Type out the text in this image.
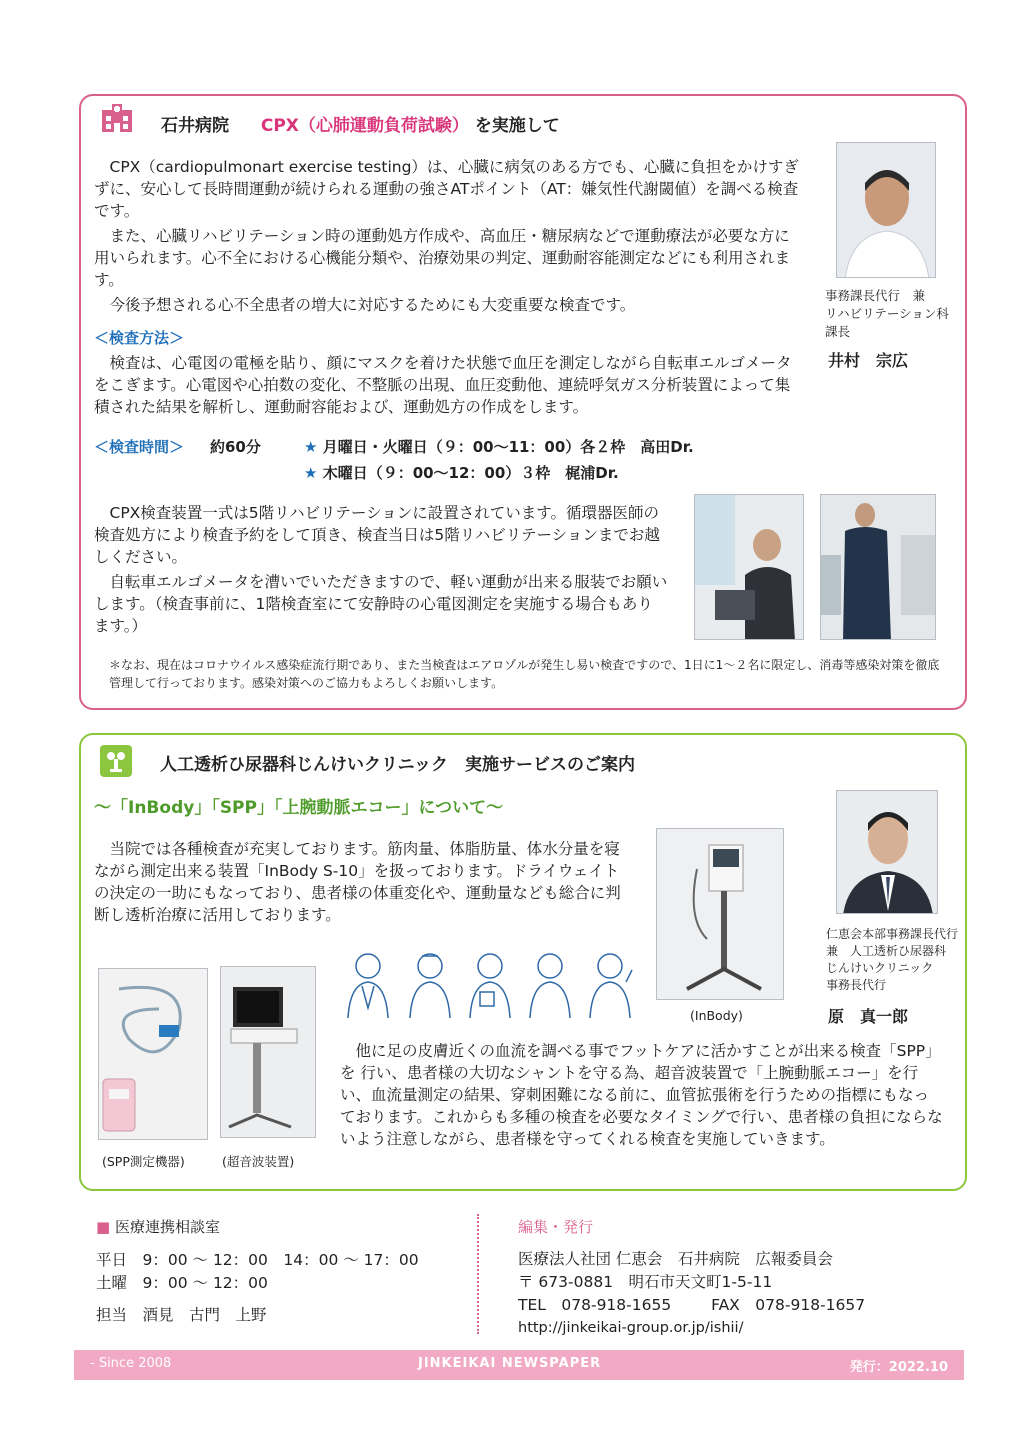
石井病院 CPX（心肺運動負荷試験） を実施して

CPX（cardiopulmonart exercise testing）は、心臓に病気のある方でも、心臓に負担をかけすぎずに、安心して長時間運動が続けられる運動の強さATポイント（AT：嫌気性代謝閾値）を調べる検査です。

また、心臓リハビリテーション時の運動処方作成や、高血圧・糖尿病などで運動療法が必要な方に用いられます。心不全における心機能分類や、治療効果の判定、運動耐容能測定などにも利用されます。

今後予想される心不全患者の増大に対応するためにも大変重要な検査です。

事務課長代行　兼
リハビリテーション科
課長
井村　宗広
＜検査方法＞

検査は、心電図の電極を貼り、顔にマスクを着けた状態で血圧を測定しながら自転車エルゴメータをこぎます。心電図や心拍数の変化、不整脈の出現、血圧変動他、連続呼気ガス分析装置によって集積された結果を解析し、運動耐容能および、運動処方の作成をします。

＜検査時間＞ 約60分	★ 月曜日・火曜日（９：00〜11：00）各２枠　高田Dr.
★ 木曜日（９：00〜12：00）３枠　梶浦Dr.

CPX検査装置一式は5階リハビリテーションに設置されています。循環器医師の検査処方により検査予約をして頂き、検査当日は5階リハビリテーションまでお越しください。

自転車エルゴメータを漕いでいただきますので、軽い運動が出来る服装でお願いします。（検査事前に、1階検査室にて安静時の心電図測定を実施する場合もあります。）

＊なお、現在はコロナウイルス感染症流行期であり、また当検査はエアロゾルが発生し易い検査ですので、1日に1〜２名に限定し、消毒等感染対策を徹底管理して行っております。感染対策へのご協力もよろしくお願いします。
人工透析ひ尿器科じんけいクリニック　実施サービスのご案内
〜「InBody」「SPP」「上腕動脈エコー」について〜

当院では各種検査が充実しております。筋肉量、体脂肪量、体水分量を寝ながら測定出来る装置「InBody S-10」を扱っております。ドライウェイトの決定の一助にもなっており、患者様の体重変化や、運動量なども総合に判断し透析治療に活用しております。

(InBody)
仁恵会本部事務課長代行
兼　人工透析ひ尿器科
じんけいクリニック
事務長代行
原　真一郎
(SPP測定機器)	(超音波装置)

他に足の皮膚近くの血流を調べる事でフットケアに活かすことが出来る検査「SPP」を 行い、患者様の大切なシャントを守る為、超音波装置で「上腕動脈エコー」を行い、血流量測定の結果、穿刺困難になる前に、血管拡張術を行うための指標にもなっております。これからも多種の検査を必要なタイミングで行い、患者様の負担にならないよう注意しながら、患者様を守ってくれる検査を実施していきます。

■ 医療連携相談室
平日　9：00 〜 12：00　14：00 〜 17：00
土曜　9：00 〜 12：00
担当　酒見　古門　上野
編集・発行
医療法人社団 仁恵会　石井病院　広報委員会
〒 673-0881　明石市天文町1-5-11
TEL　078-918-1655	FAX　078-918-1657
http://jinkeikai-group.or.jp/ishii/
- Since 2008	JINKEIKAI NEWSPAPER	発行：2022.10
